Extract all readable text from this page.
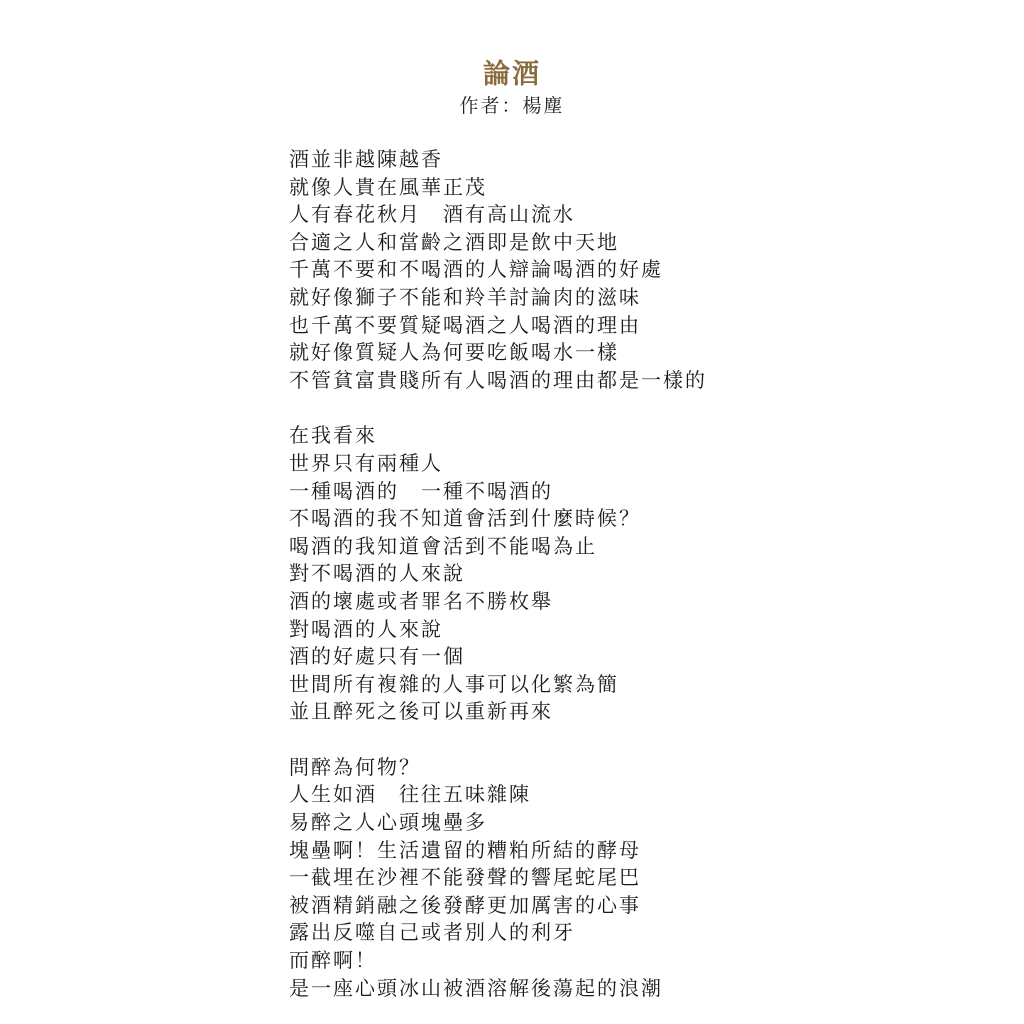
論酒
作者：楊塵
酒並非越陳越香
就像人貴在風華正茂
人有春花秋月　酒有高山流水
合適之人和當齡之酒即是飲中天地
千萬不要和不喝酒的人辯論喝酒的好處
就好像獅子不能和羚羊討論肉的滋味
也千萬不要質疑喝酒之人喝酒的理由
就好像質疑人為何要吃飯喝水一樣
不管貧富貴賤所有人喝酒的理由都是一樣的
在我看來
世界只有兩種人
一種喝酒的　一種不喝酒的
不喝酒的我不知道會活到什麼時候？
喝酒的我知道會活到不能喝為止
對不喝酒的人來說
酒的壞處或者罪名不勝枚舉
對喝酒的人來說
酒的好處只有一個
世間所有複雜的人事可以化繁為簡
並且醉死之後可以重新再來
問醉為何物？
人生如酒　往往五味雜陳
易醉之人心頭塊壘多
塊壘啊！生活遺留的糟粕所結的酵母
一截埋在沙裡不能發聲的響尾蛇尾巴
被酒精銷融之後發酵更加厲害的心事
露出反噬自己或者別人的利牙
而醉啊！
是一座心頭冰山被酒溶解後蕩起的浪潮
